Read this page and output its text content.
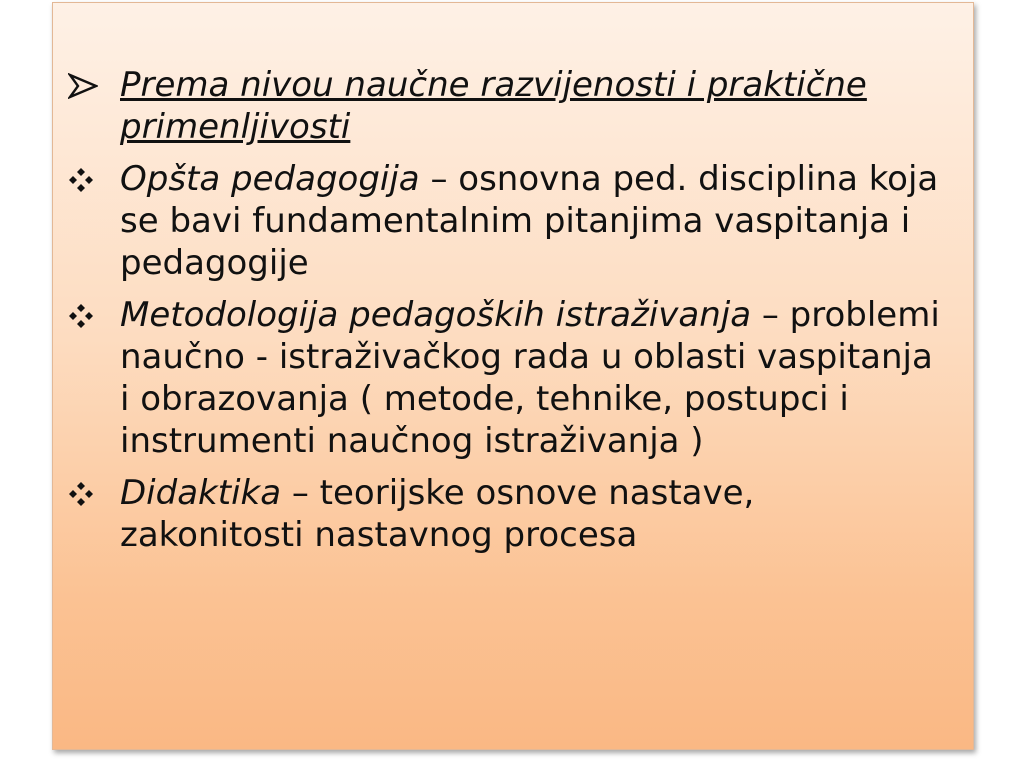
Prema nivou naučne razvijenosti i praktične primenljivosti
Opšta pedagogija – osnovna ped. disciplina koja se bavi fundamentalnim pitanjima vaspitanja i pedagogije
Metodologija pedagoških istraživanja – problemi naučno - istraživačkog rada u oblasti vaspitanja i obrazovanja ( metode, tehnike, postupci i instrumenti naučnog istraživanja )
Didaktika – teorijske osnove nastave, zakonitosti nastavnog procesa
